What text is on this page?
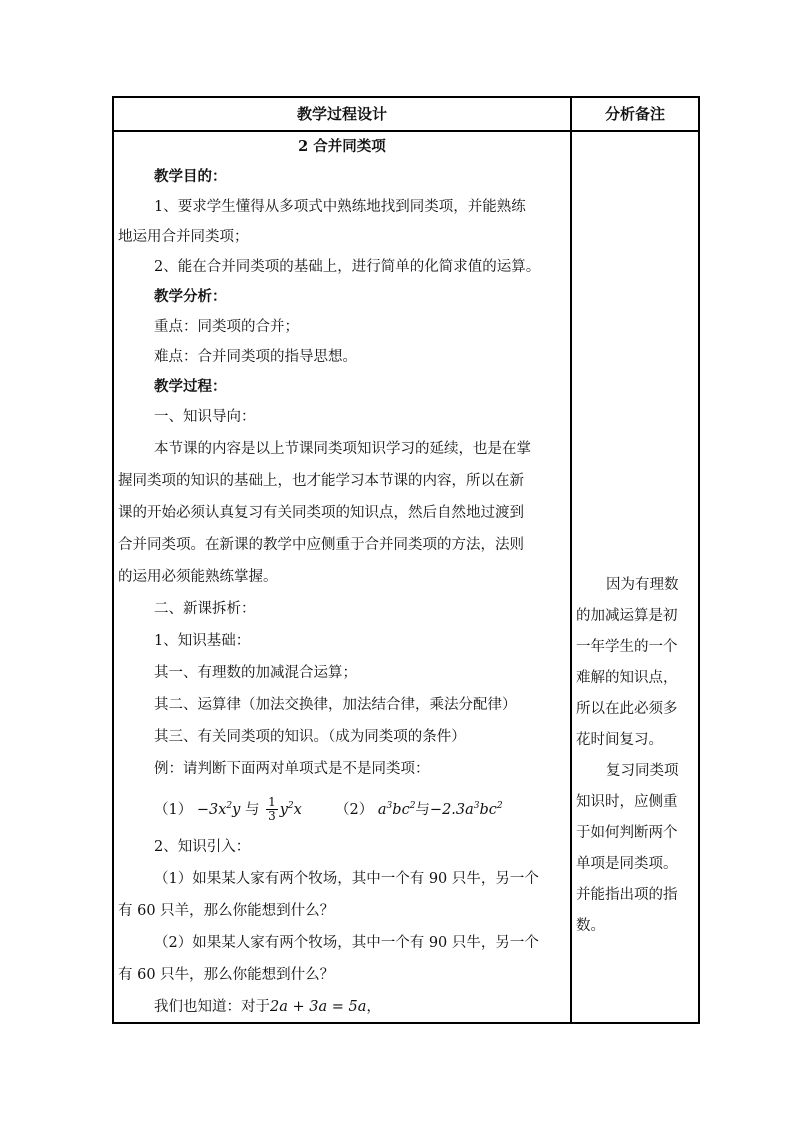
教学过程设计	分析备注
2 合并同类项
教学目的：
1、要求学生懂得从多项式中熟练地找到同类项，并能熟练
地运用合并同类项；
2、能在合并同类项的基础上，进行简单的化简求值的运算。
教学分析：
重点：同类项的合并；
难点：合并同类项的指导思想。
教学过程：
一、知识导向：
本节课的内容是以上节课同类项知识学习的延续，也是在掌
握同类项的知识的基础上，也才能学习本节课的内容，所以在新
课的开始必须认真复习有关同类项的知识点，然后自然地过渡到
合并同类项。在新课的教学中应侧重于合并同类项的方法，法则
的运用必须能熟练掌握。
二、新课拆析：
1、知识基础：
其一、有理数的加减混合运算；
其二、运算律（加法交换律，加法结合律，乘法分配律）
其三、有关同类项的知识。（成为同类项的条件）
例：请判断下面两对单项式是不是同类项：
$(1) -3x^2y$ 与 $\frac{1}{3} y^2x$ （2） $a^3bc^2$与$-2.3a^3bc^2$
2、知识引入：
（1）如果某人家有两个牧场，其中一个有 90 只牛，另一个
有 60 只羊，那么你能想到什么？
（2）如果某人家有两个牧场，其中一个有 90 只牛，另一个
有 60 只牛，那么你能想到什么？
我们也知道：对于2a + 3a = 5a，
因为有理数
的加减运算是初
一年学生的一个
难解的知识点，
所以在此必须多
花时间复习。
复习同类项
知识时，应侧重
于如何判断两个
单项是同类项。
并能指出项的指
数。
